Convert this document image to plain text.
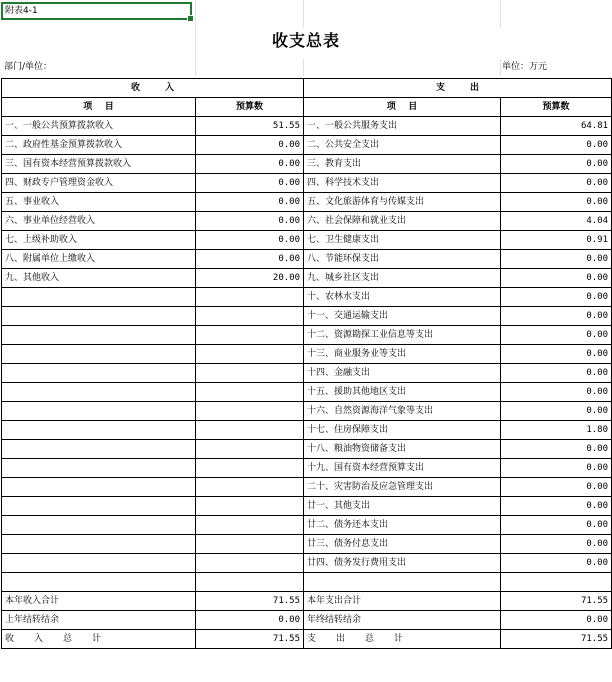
附表4-1
收支总表
部门/单位：	单位：万元
收        入		支        出	
项    目	预算数	项    目	预算数
一、一般公共预算拨款收入	51.55	一、一般公共服务支出	64.81
二、政府性基金预算拨款收入	0.00	二、公共安全支出	0.00
三、国有资本经营预算拨款收入	0.00	三、教育支出	0.00
四、财政专户管理资金收入	0.00	四、科学技术支出	0.00
五、事业收入	0.00	五、文化旅游体育与传媒支出	0.00
六、事业单位经营收入	0.00	六、社会保障和就业支出	4.04
七、上级补助收入	0.00	七、卫生健康支出	0.91
八、附属单位上缴收入	0.00	八、节能环保支出	0.00
九、其他收入	20.00	九、城乡社区支出	0.00
		十、农林水支出	0.00
		十一、交通运输支出	0.00
		十二、资源勘探工业信息等支出	0.00
		十三、商业服务业等支出	0.00
		十四、金融支出	0.00
		十五、援助其他地区支出	0.00
		十六、自然资源海洋气象等支出	0.00
		十七、住房保障支出	1.80
		十八、粮油物资储备支出	0.00
		十九、国有资本经营预算支出	0.00
		二十、灾害防治及应急管理支出	0.00
		廿一、其他支出	0.00
		廿二、债务还本支出	0.00
		廿三、债务付息支出	0.00
		廿四、债务发行费用支出	0.00

本年收入合计	71.55	本年支出合计	71.55
上年结转结余	0.00	年终结转结余	0.00
收入总计	71.55	支出总计	71.55
